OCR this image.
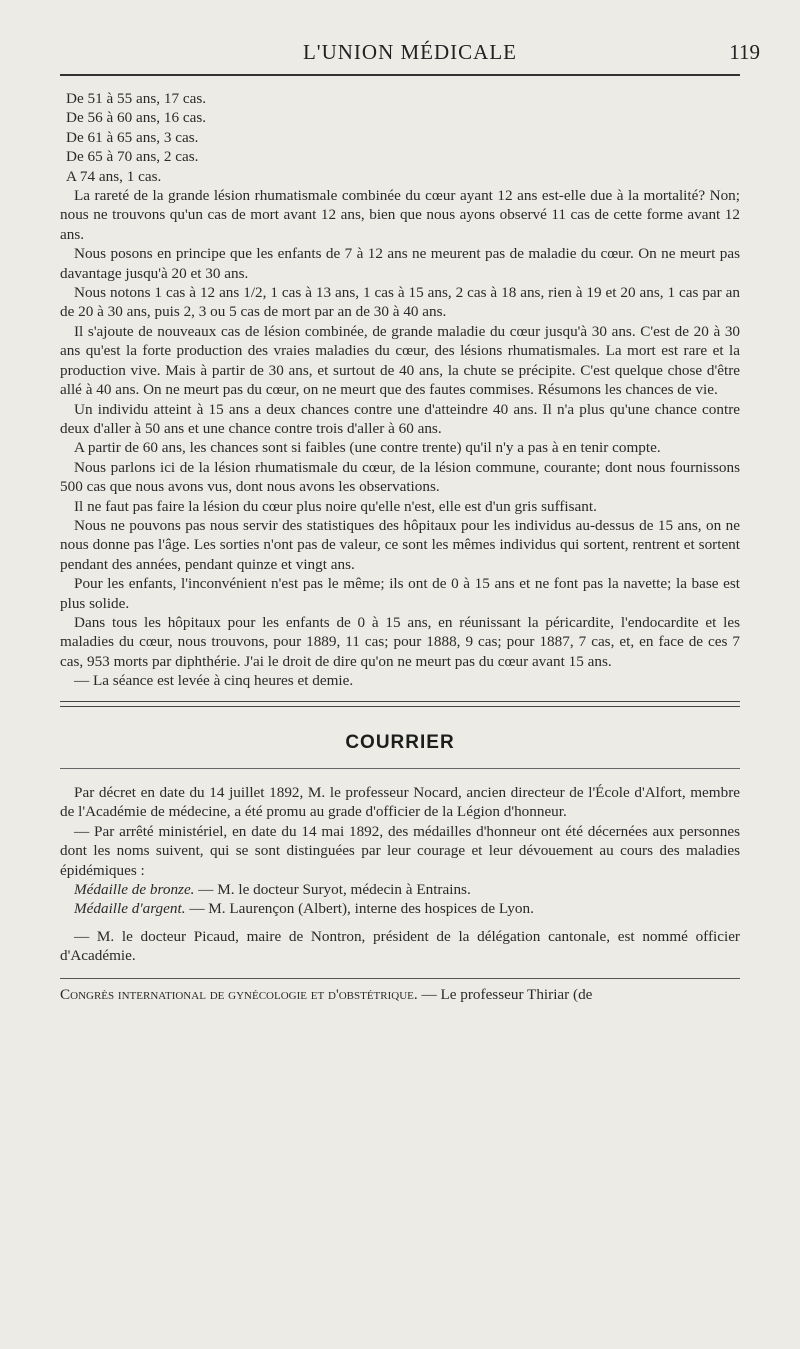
L'UNION MÉDICALE	119

De 51 à 55 ans, 17 cas.

De 56 à 60 ans, 16 cas.

De 61 à 65 ans, 3 cas.

De 65 à 70 ans, 2 cas.

A 74 ans, 1 cas.

La rareté de la grande lésion rhumatismale combinée du cœur ayant 12 ans est-elle due à la mortalité? Non; nous ne trouvons qu'un cas de mort avant 12 ans, bien que nous ayons observé 11 cas de cette forme avant 12 ans.

Nous posons en principe que les enfants de 7 à 12 ans ne meurent pas de maladie du cœur. On ne meurt pas davantage jusqu'à 20 et 30 ans.

Nous notons 1 cas à 12 ans 1/2, 1 cas à 13 ans, 1 cas à 15 ans, 2 cas à 18 ans, rien à 19 et 20 ans, 1 cas par an de 20 à 30 ans, puis 2, 3 ou 5 cas de mort par an de 30 à 40 ans.

Il s'ajoute de nouveaux cas de lésion combinée, de grande maladie du cœur jusqu'à 30 ans. C'est de 20 à 30 ans qu'est la forte production des vraies maladies du cœur, des lésions rhumatismales. La mort est rare et la production vive. Mais à partir de 30 ans, et surtout de 40 ans, la chute se précipite. C'est quelque chose d'être allé à 40 ans. On ne meurt pas du cœur, on ne meurt que des fautes commises. Résumons les chances de vie.

Un individu atteint à 15 ans a deux chances contre une d'atteindre 40 ans. Il n'a plus qu'une chance contre deux d'aller à 50 ans et une chance contre trois d'aller à 60 ans.

A partir de 60 ans, les chances sont si faibles (une contre trente) qu'il n'y a pas à en tenir compte.

Nous parlons ici de la lésion rhumatismale du cœur, de la lésion commune, courante; dont nous fournissons 500 cas que nous avons vus, dont nous avons les observations.

Il ne faut pas faire la lésion du cœur plus noire qu'elle n'est, elle est d'un gris suffisant.

Nous ne pouvons pas nous servir des statistiques des hôpitaux pour les individus au-dessus de 15 ans, on ne nous donne pas l'âge. Les sorties n'ont pas de valeur, ce sont les mêmes individus qui sortent, rentrent et sortent pendant des années, pendant quinze et vingt ans.

Pour les enfants, l'inconvénient n'est pas le même; ils ont de 0 à 15 ans et ne font pas la navette; la base est plus solide.

Dans tous les hôpitaux pour les enfants de 0 à 15 ans, en réunissant la péricardite, l'endocardite et les maladies du cœur, nous trouvons, pour 1889, 11 cas; pour 1888, 9 cas; pour 1887, 7 cas, et, en face de ces 7 cas, 953 morts par diphthérie. J'ai le droit de dire qu'on ne meurt pas du cœur avant 15 ans.

— La séance est levée à cinq heures et demie.

COURRIER

Par décret en date du 14 juillet 1892, M. le professeur Nocard, ancien directeur de l'École d'Alfort, membre de l'Académie de médecine, a été promu au grade d'officier de la Légion d'honneur.

— Par arrêté ministériel, en date du 14 mai 1892, des médailles d'honneur ont été décernées aux personnes dont les noms suivent, qui se sont distinguées par leur courage et leur dévouement au cours des maladies épidémiques :

Médaille de bronze. — M. le docteur Suryot, médecin à Entrains.

Médaille d'argent. — M. Laurençon (Albert), interne des hospices de Lyon.

— M. le docteur Picaud, maire de Nontron, président de la délégation cantonale, est nommé officier d'Académie.

Congrès international de gynécologie et d'obstétrique. — Le professeur Thiriar (de
